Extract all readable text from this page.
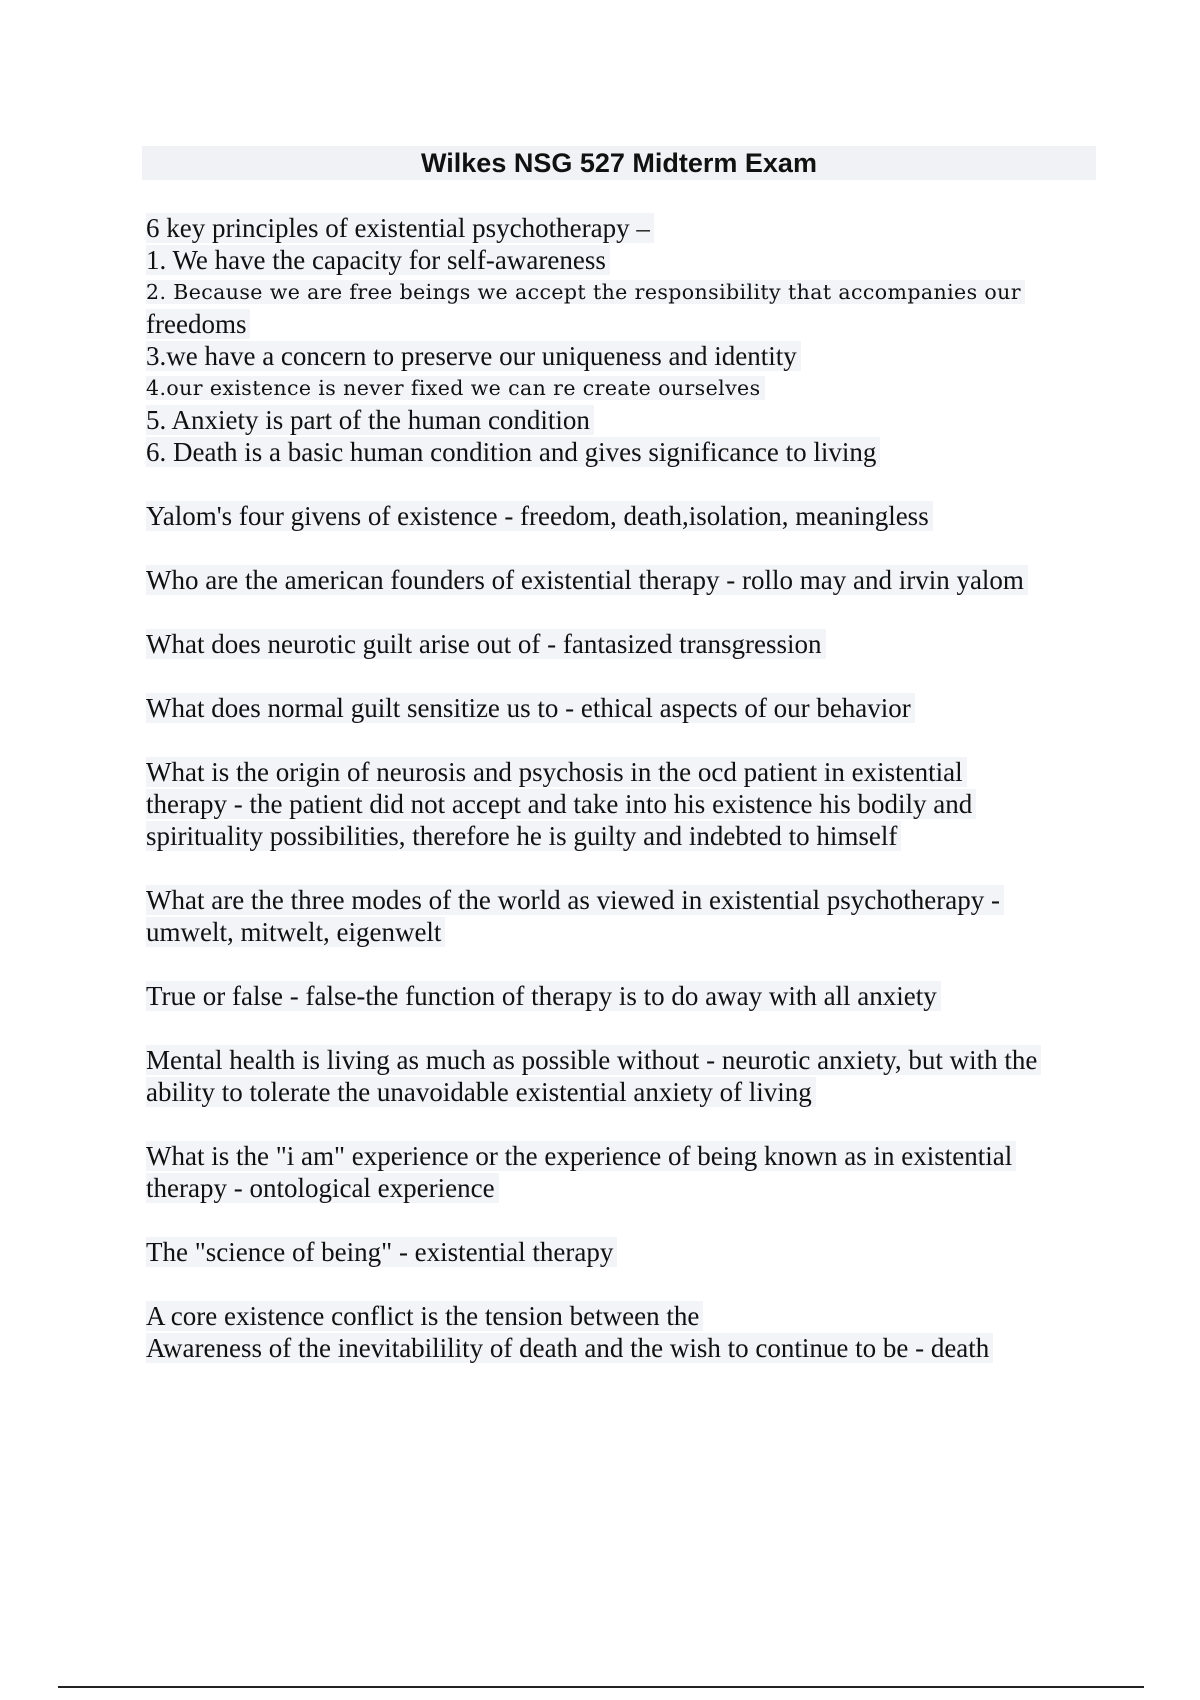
Wilkes NSG 527 Midterm Exam
6 key principles of existential psychotherapy –
1. We have the capacity for self-awareness
2. Because we are free beings we accept the responsibility that accompanies our
freedoms
3.we have a concern to preserve our uniqueness and identity
4.our existence is never fixed we can re create ourselves
5. Anxiety is part of the human condition
6. Death is a basic human condition and gives significance to living
Yalom's four givens of existence - freedom, death,isolation, meaningless
Who are the american founders of existential therapy - rollo may and irvin yalom
What does neurotic guilt arise out of - fantasized transgression
What does normal guilt sensitize us to - ethical aspects of our behavior
What is the origin of neurosis and psychosis in the ocd patient in existential
therapy - the patient did not accept and take into his existence his bodily and
spirituality possibilities, therefore he is guilty and indebted to himself
What are the three modes of the world as viewed in existential psychotherapy -
umwelt, mitwelt, eigenwelt
True or false - false-the function of therapy is to do away with all anxiety
Mental health is living as much as possible without - neurotic anxiety, but with the
ability to tolerate the unavoidable existential anxiety of living
What is the "i am" experience or the experience of being known as in existential
therapy - ontological experience
The "science of being" - existential therapy
A core existence conflict is the tension between the
Awareness of the inevitabilility of death and the wish to continue to be - death
